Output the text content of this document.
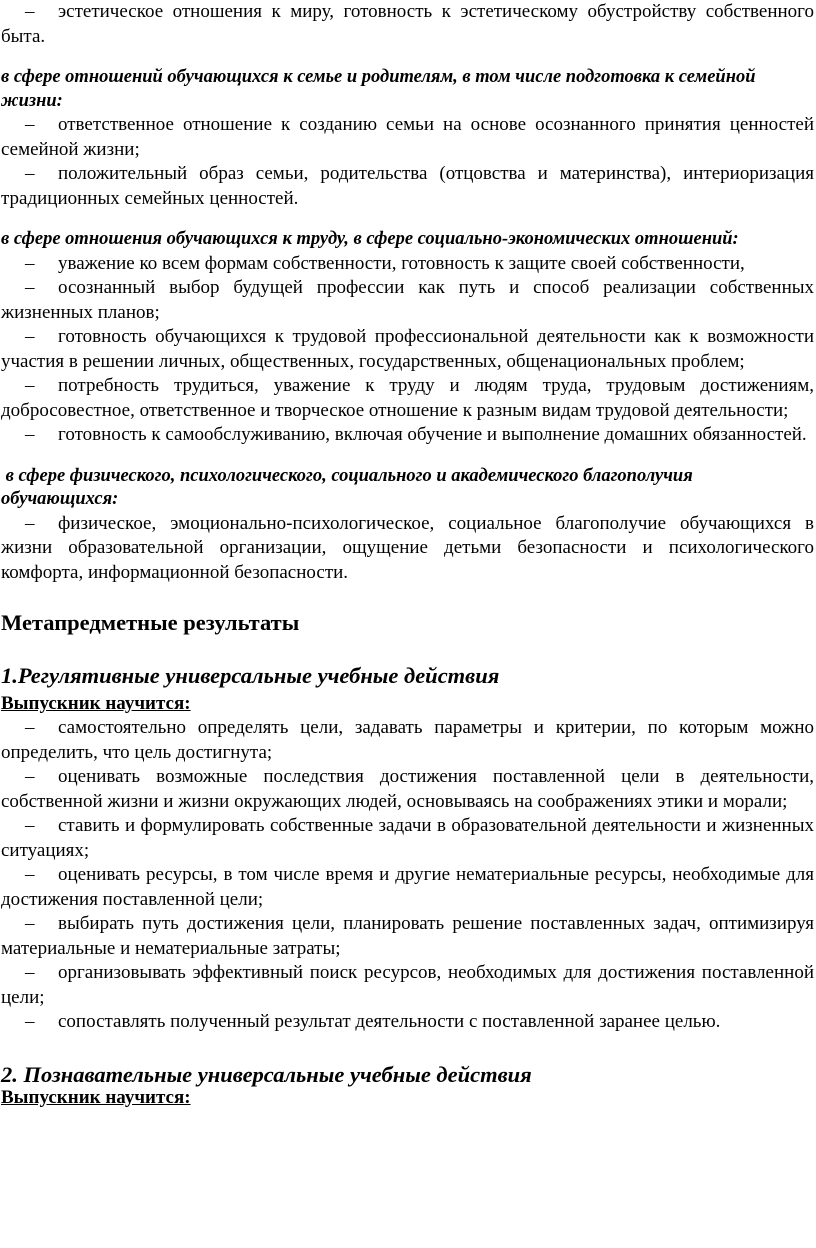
– эстетическое отношения к миру, готовность к эстетическому обустройству собственного быта.

в сфере отношений обучающихся к семье и родителям, в том числе подготовка к семейной жизни:

– ответственное отношение к созданию семьи на основе осознанного принятия ценностей семейной жизни;

– положительный образ семьи, родительства (отцовства и материнства), интериоризация традиционных семейных ценностей.

в сфере отношения обучающихся к труду, в сфере социально-экономических отношений:

– уважение ко всем формам собственности, готовность к защите своей собственности,

– осознанный выбор будущей профессии как путь и способ реализации собственных жизненных планов;

– готовность обучающихся к трудовой профессиональной деятельности как к возможности участия в решении личных, общественных, государственных, общенациональных проблем;

– потребность трудиться, уважение к труду и людям труда, трудовым достижениям, добросовестное, ответственное и творческое отношение к разным видам трудовой деятельности;

– готовность к самообслуживанию, включая обучение и выполнение домашних обязанностей.

в сфере физического, психологического, социального и академического благополучия обучающихся:

– физическое, эмоционально-психологическое, социальное благополучие обучающихся в жизни образовательной организации, ощущение детьми безопасности и психологического комфорта, информационной безопасности.

Метапредметные результаты

1.Регулятивные универсальные учебные действия

Выпускник научится:

– самостоятельно определять цели, задавать параметры и критерии, по которым можно определить, что цель достигнута;

– оценивать возможные последствия достижения поставленной цели в деятельности, собственной жизни и жизни окружающих людей, основываясь на соображениях этики и морали;

– ставить и формулировать собственные задачи в образовательной деятельности и жизненных ситуациях;

– оценивать ресурсы, в том числе время и другие нематериальные ресурсы, необходимые для достижения поставленной цели;

– выбирать путь достижения цели, планировать решение поставленных задач, оптимизируя материальные и нематериальные затраты;

– организовывать эффективный поиск ресурсов, необходимых для достижения поставленной цели;

– сопоставлять полученный результат деятельности с поставленной заранее целью.

2. Познавательные универсальные учебные действия

Выпускник научится:
